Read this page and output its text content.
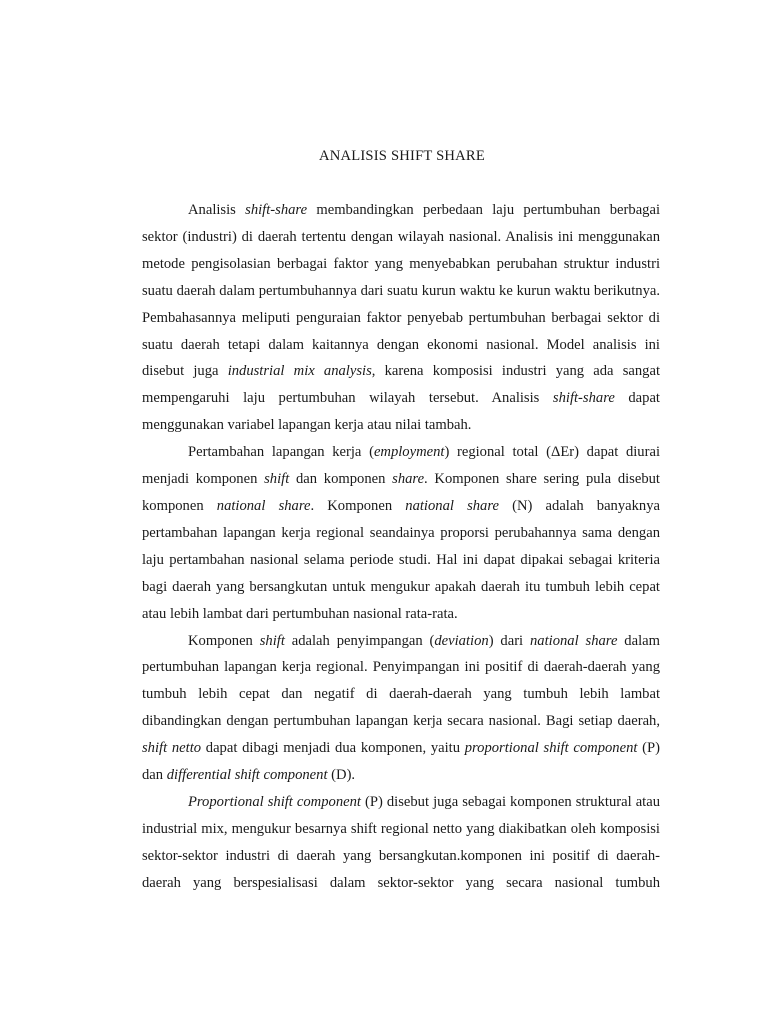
ANALISIS SHIFT SHARE

Analisis shift-share membandingkan perbedaan laju pertumbuhan berbagai sektor (industri) di daerah tertentu dengan wilayah nasional. Analisis ini menggunakan metode pengisolasian berbagai faktor yang menyebabkan perubahan struktur industri suatu daerah dalam pertumbuhannya dari suatu kurun waktu ke kurun waktu berikutnya. Pembahasannya meliputi penguraian faktor penyebab pertumbuhan berbagai sektor di suatu daerah tetapi dalam kaitannya dengan ekonomi nasional. Model analisis ini disebut juga industrial mix analysis, karena komposisi industri yang ada sangat mempengaruhi laju pertumbuhan wilayah tersebut. Analisis shift-share dapat menggunakan variabel lapangan kerja atau nilai tambah.

Pertambahan lapangan kerja (employment) regional total (ΔEr) dapat diurai menjadi komponen shift dan komponen share. Komponen share sering pula disebut komponen national share. Komponen national share (N) adalah banyaknya pertambahan lapangan kerja regional seandainya proporsi perubahannya sama dengan laju pertambahan nasional selama periode studi. Hal ini dapat dipakai sebagai kriteria bagi daerah yang bersangkutan untuk mengukur apakah daerah itu tumbuh lebih cepat atau lebih lambat dari pertumbuhan nasional rata-rata.

Komponen shift adalah penyimpangan (deviation) dari national share dalam pertumbuhan lapangan kerja regional. Penyimpangan ini positif di daerah-daerah yang tumbuh lebih cepat dan negatif di daerah-daerah yang tumbuh lebih lambat dibandingkan dengan pertumbuhan lapangan kerja secara nasional. Bagi setiap daerah, shift netto dapat dibagi menjadi dua komponen, yaitu proportional shift component (P) dan differential shift component (D).

Proportional shift component (P) disebut juga sebagai komponen struktural atau industrial mix, mengukur besarnya shift regional netto yang diakibatkan oleh komposisi sektor-sektor industri di daerah yang bersangkutan.komponen ini positif di daerah-daerah yang berspesialisasi dalam sektor-sektor yang secara nasional tumbuh
